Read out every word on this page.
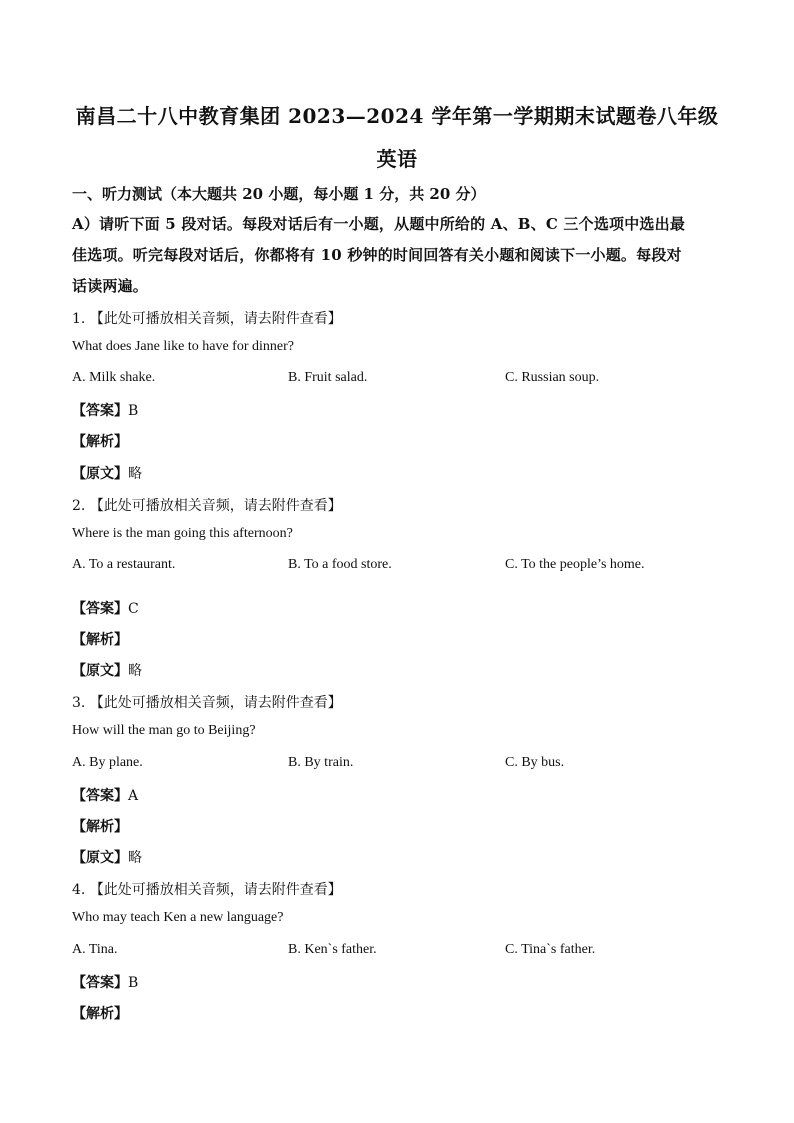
南昌二十八中教育集团 2023—2024 学年第一学期期末试题卷八年级
英语
一、听力测试（本大题共 20 小题，每小题 1 分，共 20 分）
A）请听下面 5 段对话。每段对话后有一小题，从题中所给的 A、B、C 三个选项中选出最
佳选项。听完每段对话后，你都将有 10 秒钟的时间回答有关小题和阅读下一小题。每段对
话读两遍。
1. 【此处可播放相关音频，请去附件查看】
What does Jane like to have for dinner?
A. Milk shake.	B. Fruit salad.	C. Russian soup.
【答案】B
【解析】
【原文】略
2. 【此处可播放相关音频，请去附件查看】
Where is the man going this afternoon?
A. To a restaurant.	B. To a food store.	C. To the people’s home.
【答案】C
【解析】
【原文】略
3. 【此处可播放相关音频，请去附件查看】
How will the man go to Beijing?
A. By plane.	B. By train.	C. By bus.
【答案】A
【解析】
【原文】略
4. 【此处可播放相关音频，请去附件查看】
Who may teach Ken a new language?
A. Tina.	B. Ken`s father.	C. Tina`s father.
【答案】B
【解析】
